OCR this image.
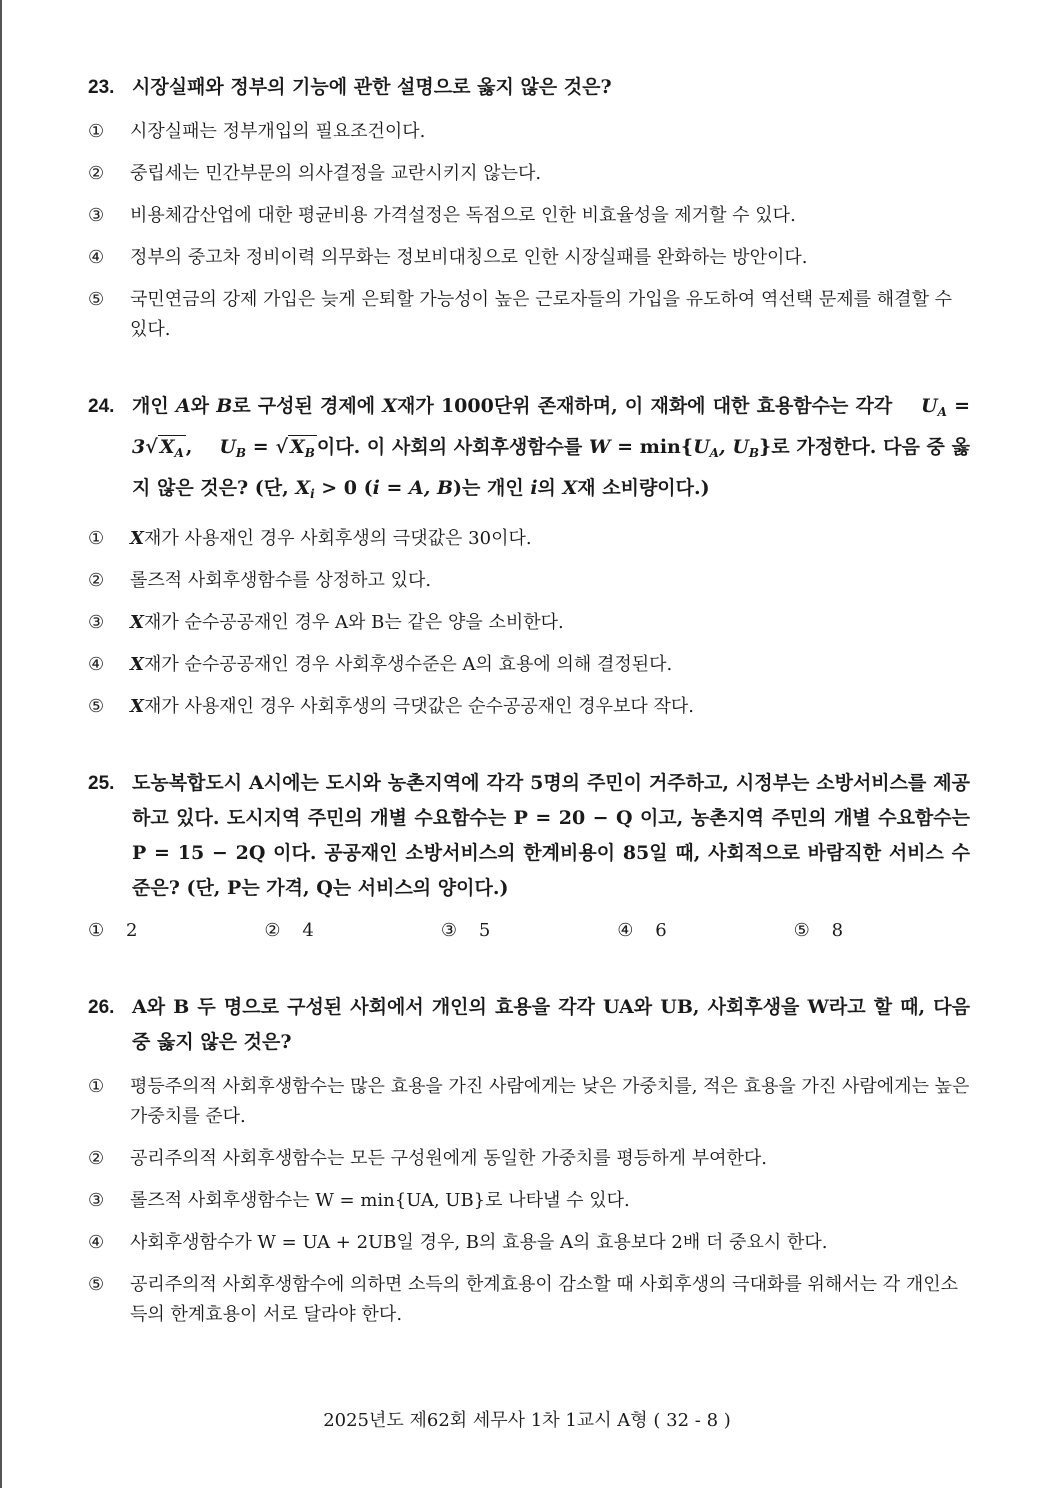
23. 시장실패와 정부의 기능에 관한 설명으로 옳지 않은 것은?
①	시장실패는 정부개입의 필요조건이다.
②	중립세는 민간부문의 의사결정을 교란시키지 않는다.
③	비용체감산업에 대한 평균비용 가격설정은 독점으로 인한 비효율성을 제거할 수 있다.
④	정부의 중고차 정비이력 의무화는 정보비대칭으로 인한 시장실패를 완화하는 방안이다.
⑤	국민연금의 강제 가입은 늦게 은퇴할 가능성이 높은 근로자들의 가입을 유도하여 역선택 문제를 해결할 수 있다.
24. 개인 A와 B로 구성된 경제에 X재가 1000단위 존재하며, 이 재화에 대한 효용함수는 각각 $U_A = 3√$ $X_A$ ,    $U_B$ = √ $X_B$ 이다. 이 사회의 사회후생함수를 $W = \min\{U_A$, $U_B$}로 가정한다. 다음 중 옳지 않은 것은? (단, $X_i > 0$ (i = A, B)는 개인 i의 X재 소비량이다.)
①	X재가 사용재인 경우 사회후생의 극댓값은 30이다.
②	롤즈적 사회후생함수를 상정하고 있다.
③	X재가 순수공공재인 경우 A와 B는 같은 양을 소비한다.
④	X재가 순수공공재인 경우 사회후생수준은 A의 효용에 의해 결정된다.
⑤	X재가 사용재인 경우 사회후생의 극댓값은 순수공공재인 경우보다 작다.
25. 도농복합도시 A시에는 도시와 농촌지역에 각각 5명의 주민이 거주하고, 시정부는 소방서비스를 제공하고 있다. 도시지역 주민의 개별 수요함수는 P = 20 − Q 이고, 농촌지역 주민의 개별 수요함수는 P = 15 − 2Q 이다. 공공재인 소방서비스의 한계비용이 85일 때, 사회적으로 바람직한 서비스 수준은? (단, P는 가격, Q는 서비스의 양이다.)
①	2	②	4	③	5	④	6	⑤	8
26. A와 B 두 명으로 구성된 사회에서 개인의 효용을 각각 UA와 UB, 사회후생을 W라고 할 때, 다음 중 옳지 않은 것은?
①	평등주의적 사회후생함수는 많은 효용을 가진 사람에게는 낮은 가중치를, 적은 효용을 가진 사람에게는 높은 가중치를 준다.
②	공리주의적 사회후생함수는 모든 구성원에게 동일한 가중치를 평등하게 부여한다.
③	롤즈적 사회후생함수는 W = min{UA, UB}로 나타낼 수 있다.
④	사회후생함수가 W = UA + 2UB일 경우, B의 효용을 A의 효용보다 2배 더 중요시 한다.
⑤	공리주의적 사회후생함수에 의하면 소득의 한계효용이 감소할 때 사회후생의 극대화를 위해서는 각 개인소득의 한계효용이 서로 달라야 한다.
2025년도 제62회 세무사 1차 1교시 A형 ( 32 - 8 )
